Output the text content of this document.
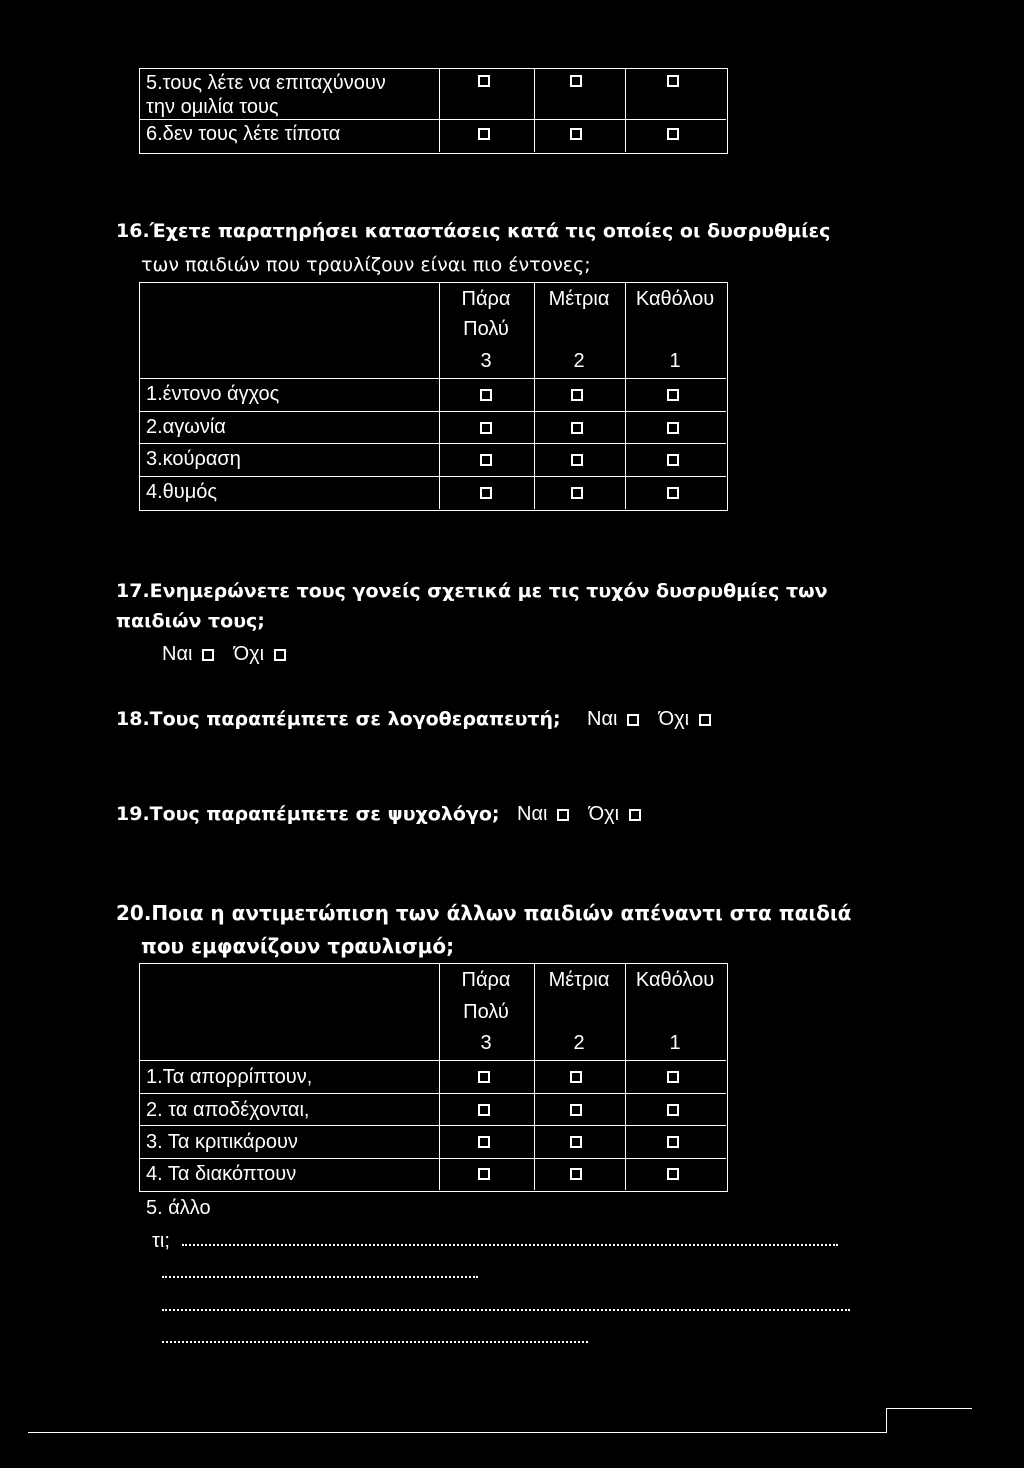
5.τους λέτε να επιταχύνουν
την ομιλία τους
6.δεν τους λέτε τίποτα
16.Έχετε παρατηρήσει καταστάσεις κατά τις οποίες οι δυσρυθμίες
των παιδιών που τραυλίζουν είναι πιο έντονες;
Πάρα
Πολύ
3
Μέτρια
2
Καθόλου
1
1.έντονο άγχος
2.αγωνία
3.κούραση
4.θυμός
17.Ενημερώνετε τους γονείς σχετικά με τις τυχόν δυσρυθμίες των
παιδιών τους;
Ναι Όχι
18.Τους παραπέμπετε σε λογοθεραπευτή; Ναι Όχι
19.Τους παραπέμπετε σε ψυχολόγο; Ναι Όχι
20.Ποια η αντιμετώπιση των άλλων παιδιών απέναντι στα παιδιά
που εμφανίζουν τραυλισμό;
Πάρα
Πολύ
3
Μέτρια
2
Καθόλου
1
1.Τα απορρίπτουν,
2. τα αποδέχονται,
3. Τα κριτικάρουν
4. Τα διακόπτουν
5. άλλο
τι;
